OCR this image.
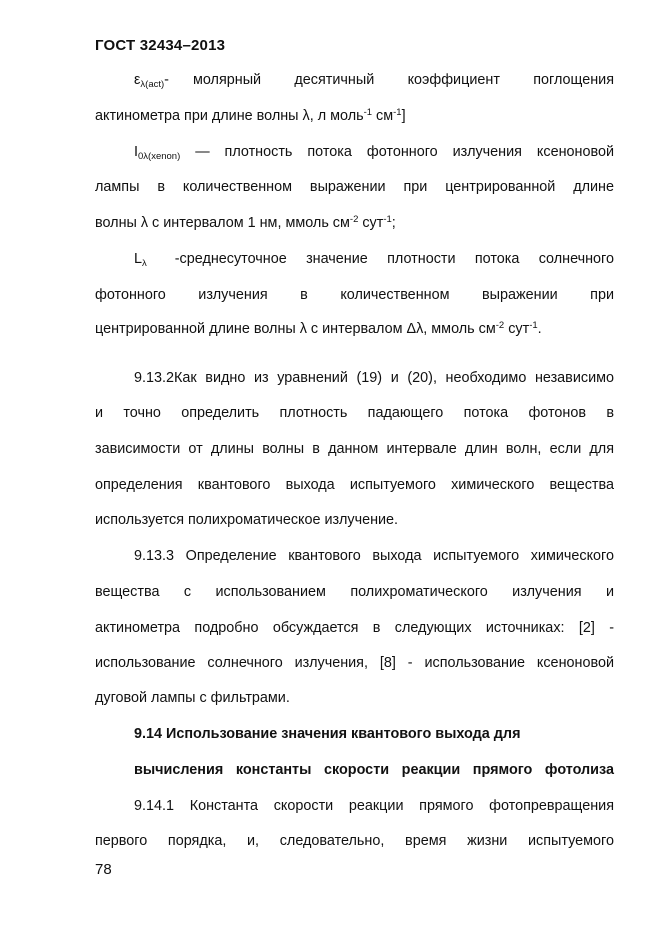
ГОСТ 32434–2013
$\varepsilon_{\lambda(act)}-$ молярный десятичный коэффициент поглощения
актинометра при длине волны λ, л моль$^{-1}$ $см^{-1}$]
$I_{0\lambda(xenon)}$ — плотность потока фотонного излучения ксеноновой
лампы в количественном выражении при центрированной длине
волны λ с интервалом 1 нм, ммоль $см^{-2}$ сут$^{-1}$;
$L_\lambda$ -среднесуточное значение плотности потока солнечного
фотонного излучения в количественном выражении при
центрированной длине волны λ с интервалом Δλ, ммоль $см^{-2}$ сут$^{-1}$.
9.13.2Как видно из уравнений (19) и (20), необходимо независимо
и точно определить плотность падающего потока фотонов в
зависимости от длины волны в данном интервале длин волн, если для
определения квантового выхода испытуемого химического вещества
используется полихроматическое излучение.
9.13.3 Определение квантового выхода испытуемого химического
вещества с использованием полихроматического излучения и
актинометра подробно обсуждается в следующих источниках: [2] -
использование солнечного излучения, [8] - использование ксеноновой
дуговой лампы с фильтрами.
9.14 Использование значения квантового выхода для
вычисления константы скорости реакции прямого фотолиза
9.14.1 Константа скорости реакции прямого фотопревращения
первого порядка, и, следовательно, время жизни испытуемого
78
